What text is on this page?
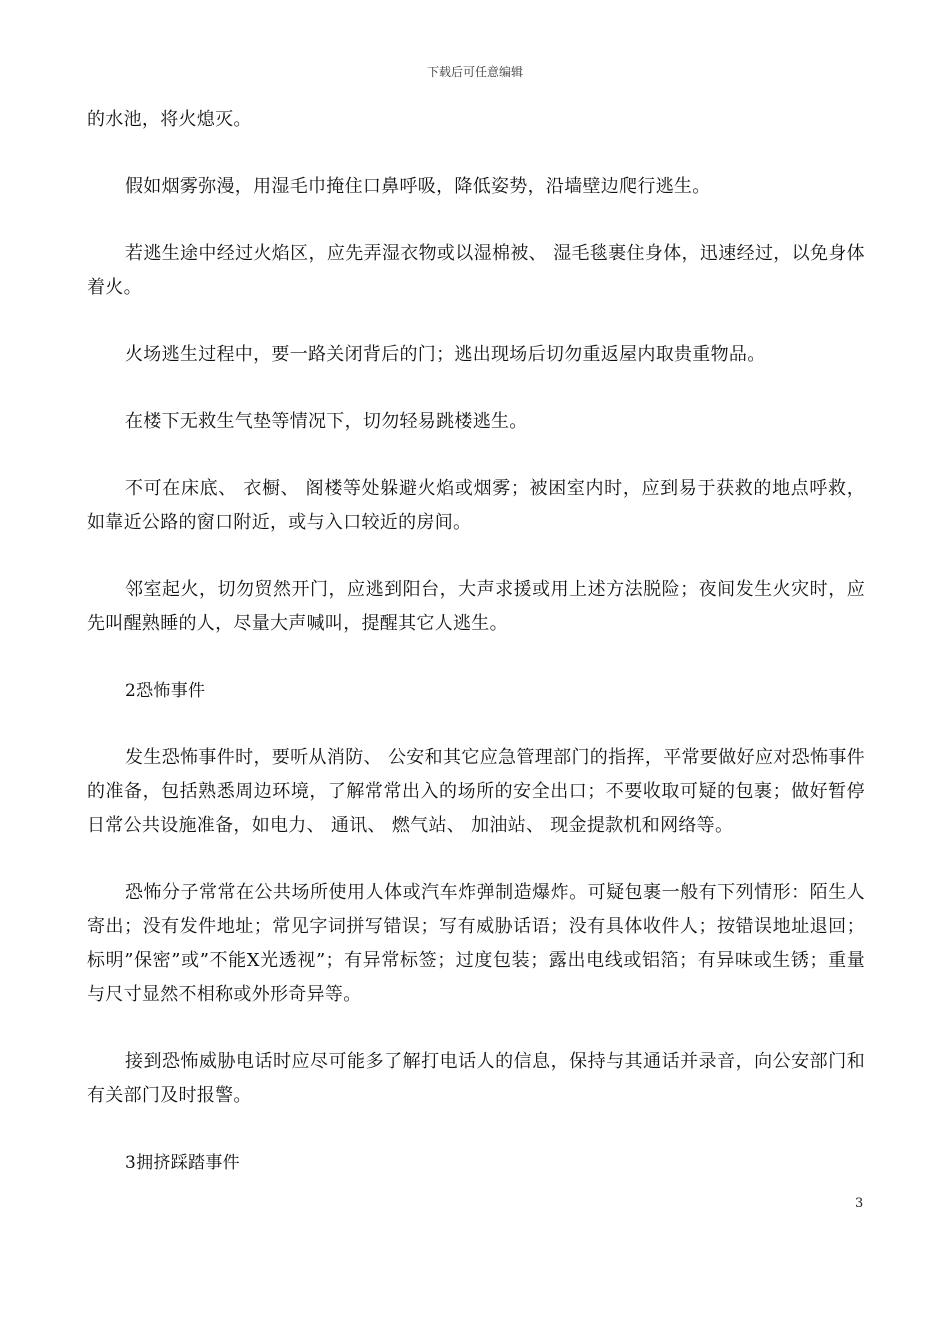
下载后可任意编辑

的水池，将火熄灭。

假如烟雾弥漫，用湿毛巾掩住口鼻呼吸，降低姿势，沿墙壁边爬行逃生。

若逃生途中经过火焰区，应先弄湿衣物或以湿棉被、 湿毛毯裹住身体，迅速经过，以免身体着火。

火场逃生过程中，要一路关闭背后的门；逃出现场后切勿重返屋内取贵重物品。

在楼下无救生气垫等情况下，切勿轻易跳楼逃生。

不可在床底、 衣橱、 阁楼等处躲避火焰或烟雾；被困室内时，应到易于获救的地点呼救，如靠近公路的窗口附近，或与入口较近的房间。

邻室起火，切勿贸然开门，应逃到阳台，大声求援或用上述方法脱险；夜间发生火灾时，应先叫醒熟睡的人，尽量大声喊叫，提醒其它人逃生。

2恐怖事件

发生恐怖事件时，要听从消防、 公安和其它应急管理部门的指挥，平常要做好应对恐怖事件的准备，包括熟悉周边环境，了解常常出入的场所的安全出口；不要收取可疑的包裹；做好暂停日常公共设施准备，如电力、 通讯、 燃气站、 加油站、 现金提款机和网络等。

恐怖分子常常在公共场所使用人体或汽车炸弹制造爆炸。可疑包裹一般有下列情形：陌生人寄出；没有发件地址；常见字词拼写错误；写有威胁话语；没有具体收件人；按错误地址退回；标明”保密”或”不能X光透视”；有异常标签；过度包装；露出电线或铝箔；有异味或生锈；重量与尺寸显然不相称或外形奇异等。

接到恐怖威胁电话时应尽可能多了解打电话人的信息，保持与其通话并录音，向公安部门和有关部门及时报警。

3拥挤踩踏事件

3
